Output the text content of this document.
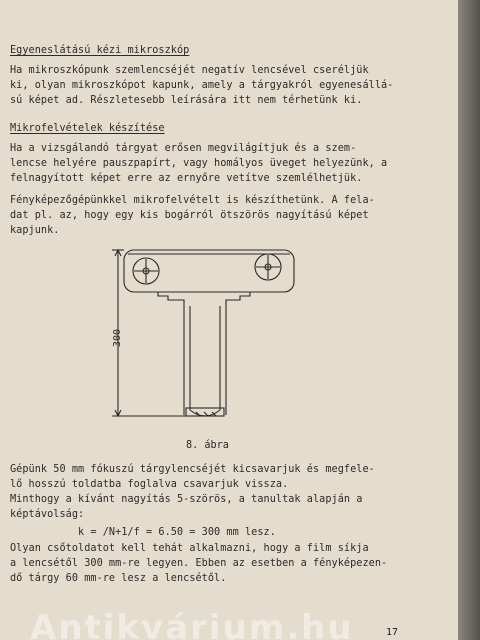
Egyeneslátású kézi mikroszkóp
Ha mikroszkópunk szemlencséjét negatív lencsével cseréljük
ki, olyan mikroszkópot kapunk, amely a tárgyakról egyenesállá-
sú képet ad. Részletesebb leírására itt nem térhetünk ki.
Mikrofelvételek készítése
Ha a vizsgálandó tárgyat erősen megvilágítjuk és a szem-
lencse helyére pauszpapírt, vagy homályos üveget helyezünk, a
felnagyított képet erre az ernyőre vetítve szemlélhetjük.
Fényképezőgépünkkel mikrofelvételt is készíthetünk. A fela-
dat pl. az, hogy egy kis bogárról ötszörös nagyítású képet
kapjunk.
300
8. ábra
Gépünk 50 mm fókuszú tárgylencséjét kicsavarjuk és megfele-
lő hosszú toldatba foglalva csavarjuk vissza.
Minthogy a kívánt nagyítás 5-szörös, a tanultak alapján a
képtávolság:
k = /N+1/f = 6.50 = 300 mm lesz.
Olyan csőtoldatot kell tehát alkalmazni, hogy a film síkja
a lencsétől 300 mm-re legyen. Ebben az esetben a fényképezen-
dő tárgy 60 mm-re lesz a lencsétől.
Antikvárium.hu	17
